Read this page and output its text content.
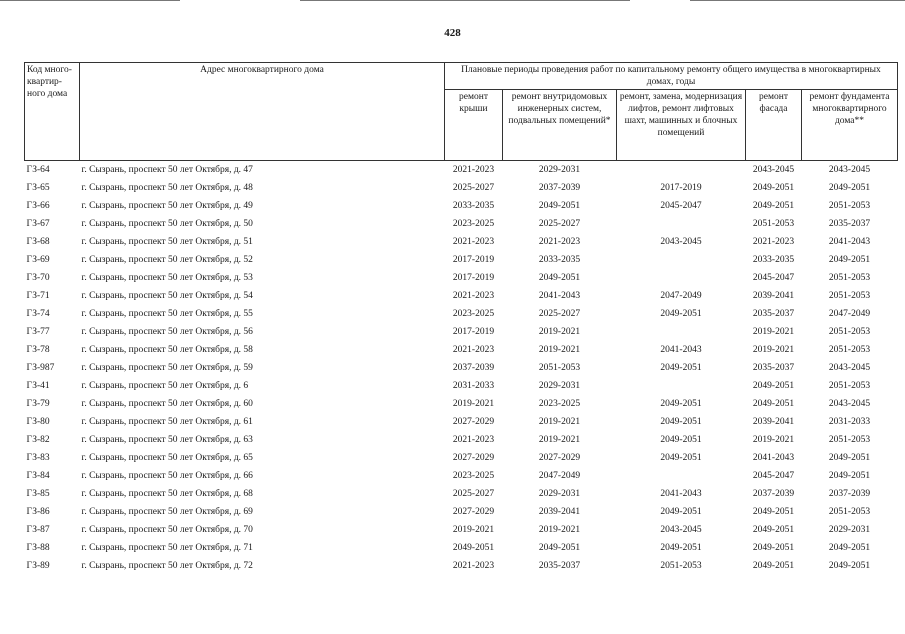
428
Код много-квартир-ного дома	Адрес многоквартирного дома	Плановые периоды проведения работ по капитальному ремонту общего имущества в многоквартирных домах, годы				
		ремонт крыши	ремонт внутридомовых инженерных систем, подвальных помещений*	ремонт, замена, модернизация лифтов, ремонт лифтовых шахт, машинных и блочных помещений	ремонт фасада	ремонт фундамента многоквартирного дома**
ГЗ-64	г. Сызрань, проспект 50 лет Октября, д. 47	2021-2023	2029-2031		2043-2045	2043-2045
ГЗ-65	г. Сызрань, проспект 50 лет Октября, д. 48	2025-2027	2037-2039	2017-2019	2049-2051	2049-2051
ГЗ-66	г. Сызрань, проспект 50 лет Октября, д. 49	2033-2035	2049-2051	2045-2047	2049-2051	2051-2053
ГЗ-67	г. Сызрань, проспект 50 лет Октября, д. 50	2023-2025	2025-2027		2051-2053	2035-2037
ГЗ-68	г. Сызрань, проспект 50 лет Октября, д. 51	2021-2023	2021-2023	2043-2045	2021-2023	2041-2043
ГЗ-69	г. Сызрань, проспект 50 лет Октября, д. 52	2017-2019	2033-2035		2033-2035	2049-2051
ГЗ-70	г. Сызрань, проспект 50 лет Октября, д. 53	2017-2019	2049-2051		2045-2047	2051-2053
ГЗ-71	г. Сызрань, проспект 50 лет Октября, д. 54	2021-2023	2041-2043	2047-2049	2039-2041	2051-2053
ГЗ-74	г. Сызрань, проспект 50 лет Октября, д. 55	2023-2025	2025-2027	2049-2051	2035-2037	2047-2049
ГЗ-77	г. Сызрань, проспект 50 лет Октября, д. 56	2017-2019	2019-2021		2019-2021	2051-2053
ГЗ-78	г. Сызрань, проспект 50 лет Октября, д. 58	2021-2023	2019-2021	2041-2043	2019-2021	2051-2053
ГЗ-987	г. Сызрань, проспект 50 лет Октября, д. 59	2037-2039	2051-2053	2049-2051	2035-2037	2043-2045
ГЗ-41	г. Сызрань, проспект 50 лет Октября, д. 6	2031-2033	2029-2031		2049-2051	2051-2053
ГЗ-79	г. Сызрань, проспект 50 лет Октября, д. 60	2019-2021	2023-2025	2049-2051	2049-2051	2043-2045
ГЗ-80	г. Сызрань, проспект 50 лет Октября, д. 61	2027-2029	2019-2021	2049-2051	2039-2041	2031-2033
ГЗ-82	г. Сызрань, проспект 50 лет Октября, д. 63	2021-2023	2019-2021	2049-2051	2019-2021	2051-2053
ГЗ-83	г. Сызрань, проспект 50 лет Октября, д. 65	2027-2029	2027-2029	2049-2051	2041-2043	2049-2051
ГЗ-84	г. Сызрань, проспект 50 лет Октября, д. 66	2023-2025	2047-2049		2045-2047	2049-2051
ГЗ-85	г. Сызрань, проспект 50 лет Октября, д. 68	2025-2027	2029-2031	2041-2043	2037-2039	2037-2039
ГЗ-86	г. Сызрань, проспект 50 лет Октября, д. 69	2027-2029	2039-2041	2049-2051	2049-2051	2051-2053
ГЗ-87	г. Сызрань, проспект 50 лет Октября, д. 70	2019-2021	2019-2021	2043-2045	2049-2051	2029-2031
ГЗ-88	г. Сызрань, проспект 50 лет Октября, д. 71	2049-2051	2049-2051	2049-2051	2049-2051	2049-2051
ГЗ-89	г. Сызрань, проспект 50 лет Октября, д. 72	2021-2023	2035-2037	2051-2053	2049-2051	2049-2051
